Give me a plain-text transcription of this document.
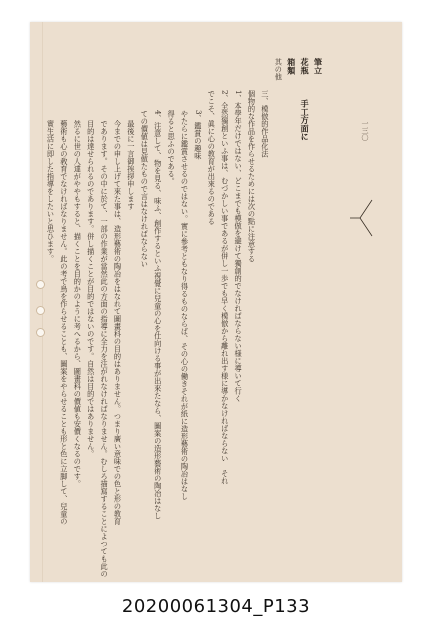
一三〇
筆立
花瓶　　　手工方面に
箱類
其の他
三、模倣的作品化法
個物的な作品を作らせるためには次の點に注意する
1、本學年だけではない、どこまでも模倣を避けて獨創的でなければならない様に導いて行く
2、全然獨創といふ事は、むづかしい事であるが併し一歩でも早く模倣から離れ出す様に導かなければならない　それ
でこそ、眞に心の教育が出來るのである
3、鑑賞の趣味
やたらに鑑賞させるのではない。實に參考ともなり得るものならば、その心の働きそれが紙に造形藝術の陶冶はなし
得ると思ふのである。
4、注意して、物を見る、味ふ、創作するといふ視覺に兒童の心を仕向ける事が出來たなら、圖案の造形藝術の陶冶はなし
ての價値は見做たもので言はなければならない
最後に一言御挨拶申します
今までの申し上げて來た事は、造形藝術の陶冶をはなれて圖畫科の目的はありません。つまり廣い意味での色と形の教育
であります。その中に於て、一部の作業が當然此の方面の指導に全力を注がれなければなりません。むしろ描寫することによつても此の
目的は達せられるのであります。併し描くことが目的ではないのです。自然は目的ではありません。
然るに世の人達がややもすると、描くことを目的かのように考へるから、圖畫科の價値も安價くなるのです。
藝術も心の敎育でなければなりません。此の考で鳥を作らせることも、圖案をやらせることも形と色に立脚して、兒童の
實生活に即した指導をしたいと思ひます。
20200061304_P133
